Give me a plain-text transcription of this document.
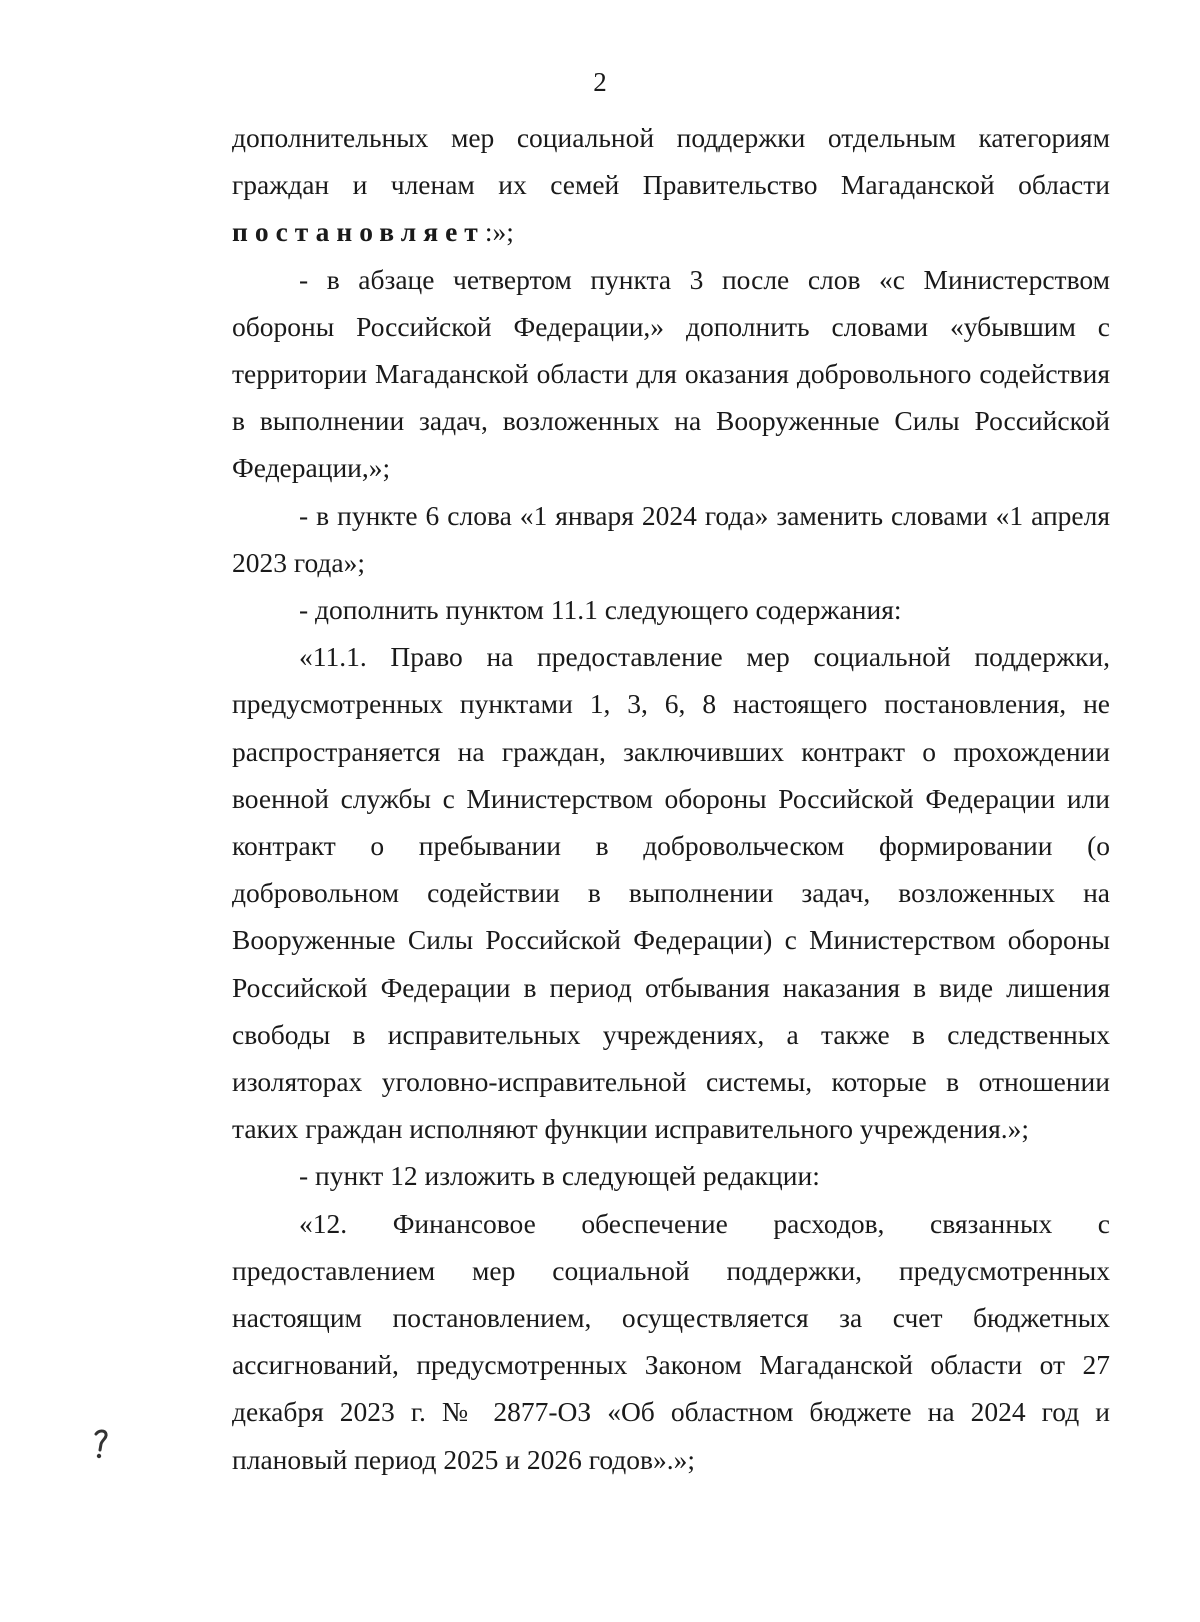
2

дополнительных мер социальной поддержки отдельным категориям граждан и членам их семей Правительство Магаданской области постановляет:»;

- в абзаце четвертом пункта 3 после слов «с Министерством обороны Российской Федерации,» дополнить словами «убывшим с территории Магаданской области для оказания добровольного содействия в выполнении задач, возложенных на Вооруженные Силы Российской Федерации,»;

- в пункте 6 слова «1 января 2024 года» заменить словами «1 апреля 2023 года»;

- дополнить пунктом 11.1 следующего содержания:

«11.1. Право на предоставление мер социальной поддержки, предусмотренных пунктами 1, 3, 6, 8 настоящего постановления, не распространяется на граждан, заключивших контракт о прохождении военной службы с Министерством обороны Российской Федерации или контракт о пребывании в добровольческом формировании (о добровольном содействии в выполнении задач, возложенных на Вооруженные Силы Российской Федерации) с Министерством обороны Российской Федерации в период отбывания наказания в виде лишения свободы в исправительных учреждениях, а также в следственных изоляторах уголовно-исправительной системы, которые в отношении таких граждан исполняют функции исправительного учреждения.»;

- пункт 12 изложить в следующей редакции:

«12. Финансовое обеспечение расходов, связанных с предоставлением мер социальной поддержки, предусмотренных настоящим постановлением, осуществляется за счет бюджетных ассигнований, предусмотренных Законом Магаданской области от 27 декабря 2023 г. № 2877-ОЗ «Об областном бюджете на 2024 год и плановый период 2025 и 2026 годов».»;
